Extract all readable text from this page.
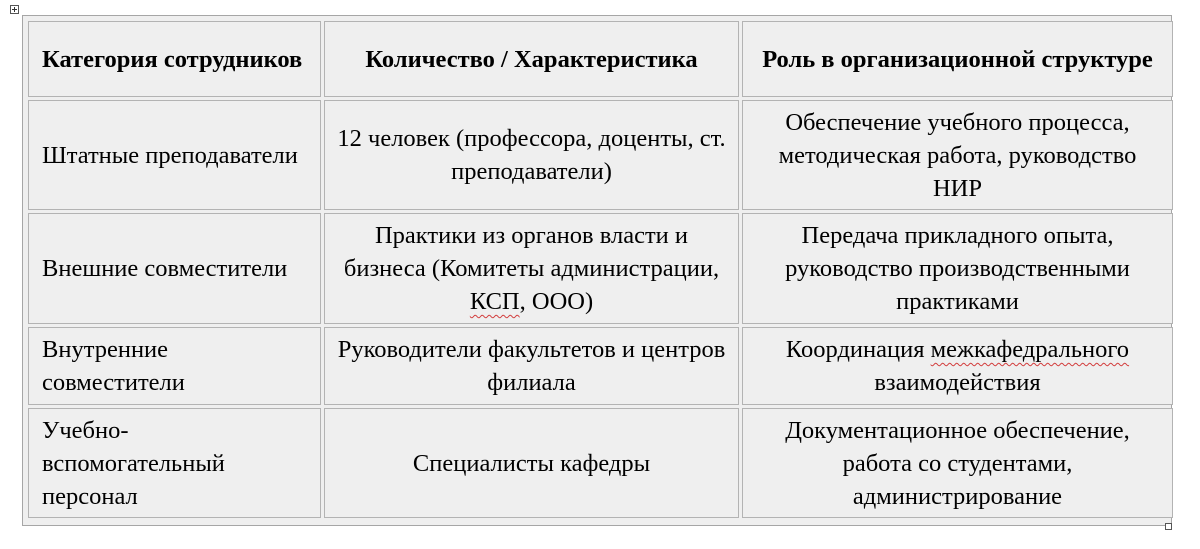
Категория сотрудников	Количество / Характеристика	Роль в организационной структуре
Штатные преподаватели	12 человек (профессора, доценты, ст. преподаватели)	Обеспечение учебного процесса, методическая работа, руководство НИР
Внешние совместители	Практики из органов власти и бизнеса (Комитеты администрации, КСП, ООО)	Передача прикладного опыта, руководство производственными практиками
Внутренние совместители	Руководители факультетов и центров филиала	Координация межкафедрального взаимодействия
Учебно-вспомогательный персонал	Специалисты кафедры	Документационное обеспечение, работа со студентами, администрирование
